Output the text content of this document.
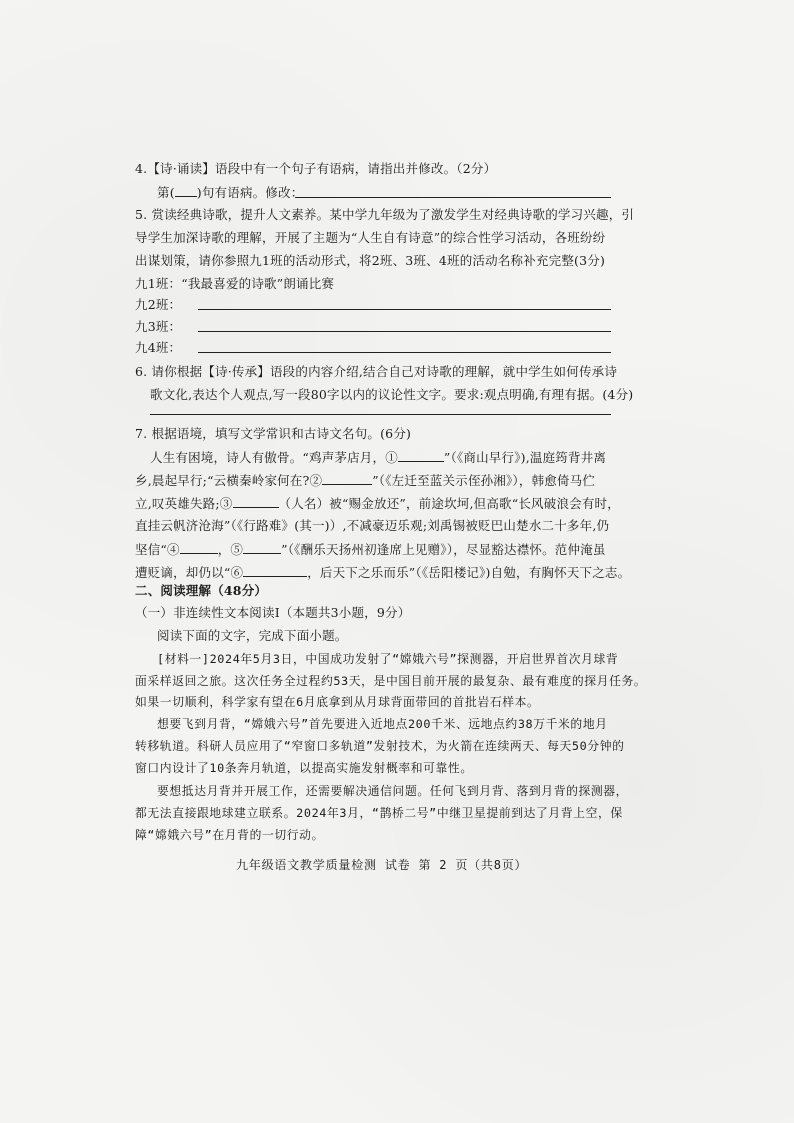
4.【诗·诵读】语段中有一个句子有语病，请指出并修改。（2分）
第( )句有语病。修改：
5. 赏读经典诗歌，提升人文素养。某中学九年级为了激发学生对经典诗歌的学习兴趣，引
导学生加深诗歌的理解，开展了主题为“人生自有诗意”的综合性学习活动，各班纷纷
出谋划策，请你参照九1班的活动形式，将2班、3班、4班的活动名称补充完整(3分)
九1班：“我最喜爱的诗歌”朗诵比赛
九2班：
九3班：
九4班：
6. 请你根据【诗·传承】语段的内容介绍,结合自己对诗歌的理解，就中学生如何传承诗
歌文化,表达个人观点,写一段80字以内的议论性文字。要求:观点明确,有理有据。(4分)
7. 根据语境，填写文学常识和古诗文名句。(6分)
人生有困境，诗人有傲骨。“鸡声茅店月，①	”（《商山早行》),温庭筠背井离
乡,晨起早行;“云横秦岭家何在?②	”（《左迁至蓝关示侄孙湘》），韩愈倚马伫
立,叹英雄失路;③	（人名）被“赐金放还”，前途坎坷,但高歌“长风破浪会有时，
直挂云帆济沧海”（《行路难》(其一)）,不减豪迈乐观;刘禹锡被贬巴山楚水二十多年,仍
坚信“④	，⑤	”（《酬乐天扬州初逢席上见赠》），尽显豁达襟怀。范仲淹虽
遭贬谪，却仍以“⑥	，后天下之乐而乐”（《岳阳楼记》)自勉，有胸怀天下之志。
二、阅读理解（48分）
（一）非连续性文本阅读Ⅰ（本题共3小题，9分）
阅读下面的文字，完成下面小题。
[材料一]2024年5月3日，中国成功发射了“嫦娥六号”探测器，开启世界首次月球背
面采样返回之旅。这次任务全过程约53天，是中国目前开展的最复杂、最有难度的探月任务。
如果一切顺利，科学家有望在6月底拿到从月球背面带回的首批岩石样本。
想要飞到月背，“嫦娥六号”首先要进入近地点200千米、远地点约38万千米的地月
转移轨道。科研人员应用了“窄窗口多轨道”发射技术，为火箭在连续两天、每天50分钟的
窗口内设计了10条奔月轨道，以提高实施发射概率和可靠性。
要想抵达月背并开展工作，还需要解决通信问题。任何飞到月背、落到月背的探测器，
都无法直接跟地球建立联系。2024年3月，“鹊桥二号”中继卫星提前到达了月背上空，保
障“嫦娥六号”在月背的一切行动。
九年级语文教学质量检测 试卷 第 2 页（共8页）
